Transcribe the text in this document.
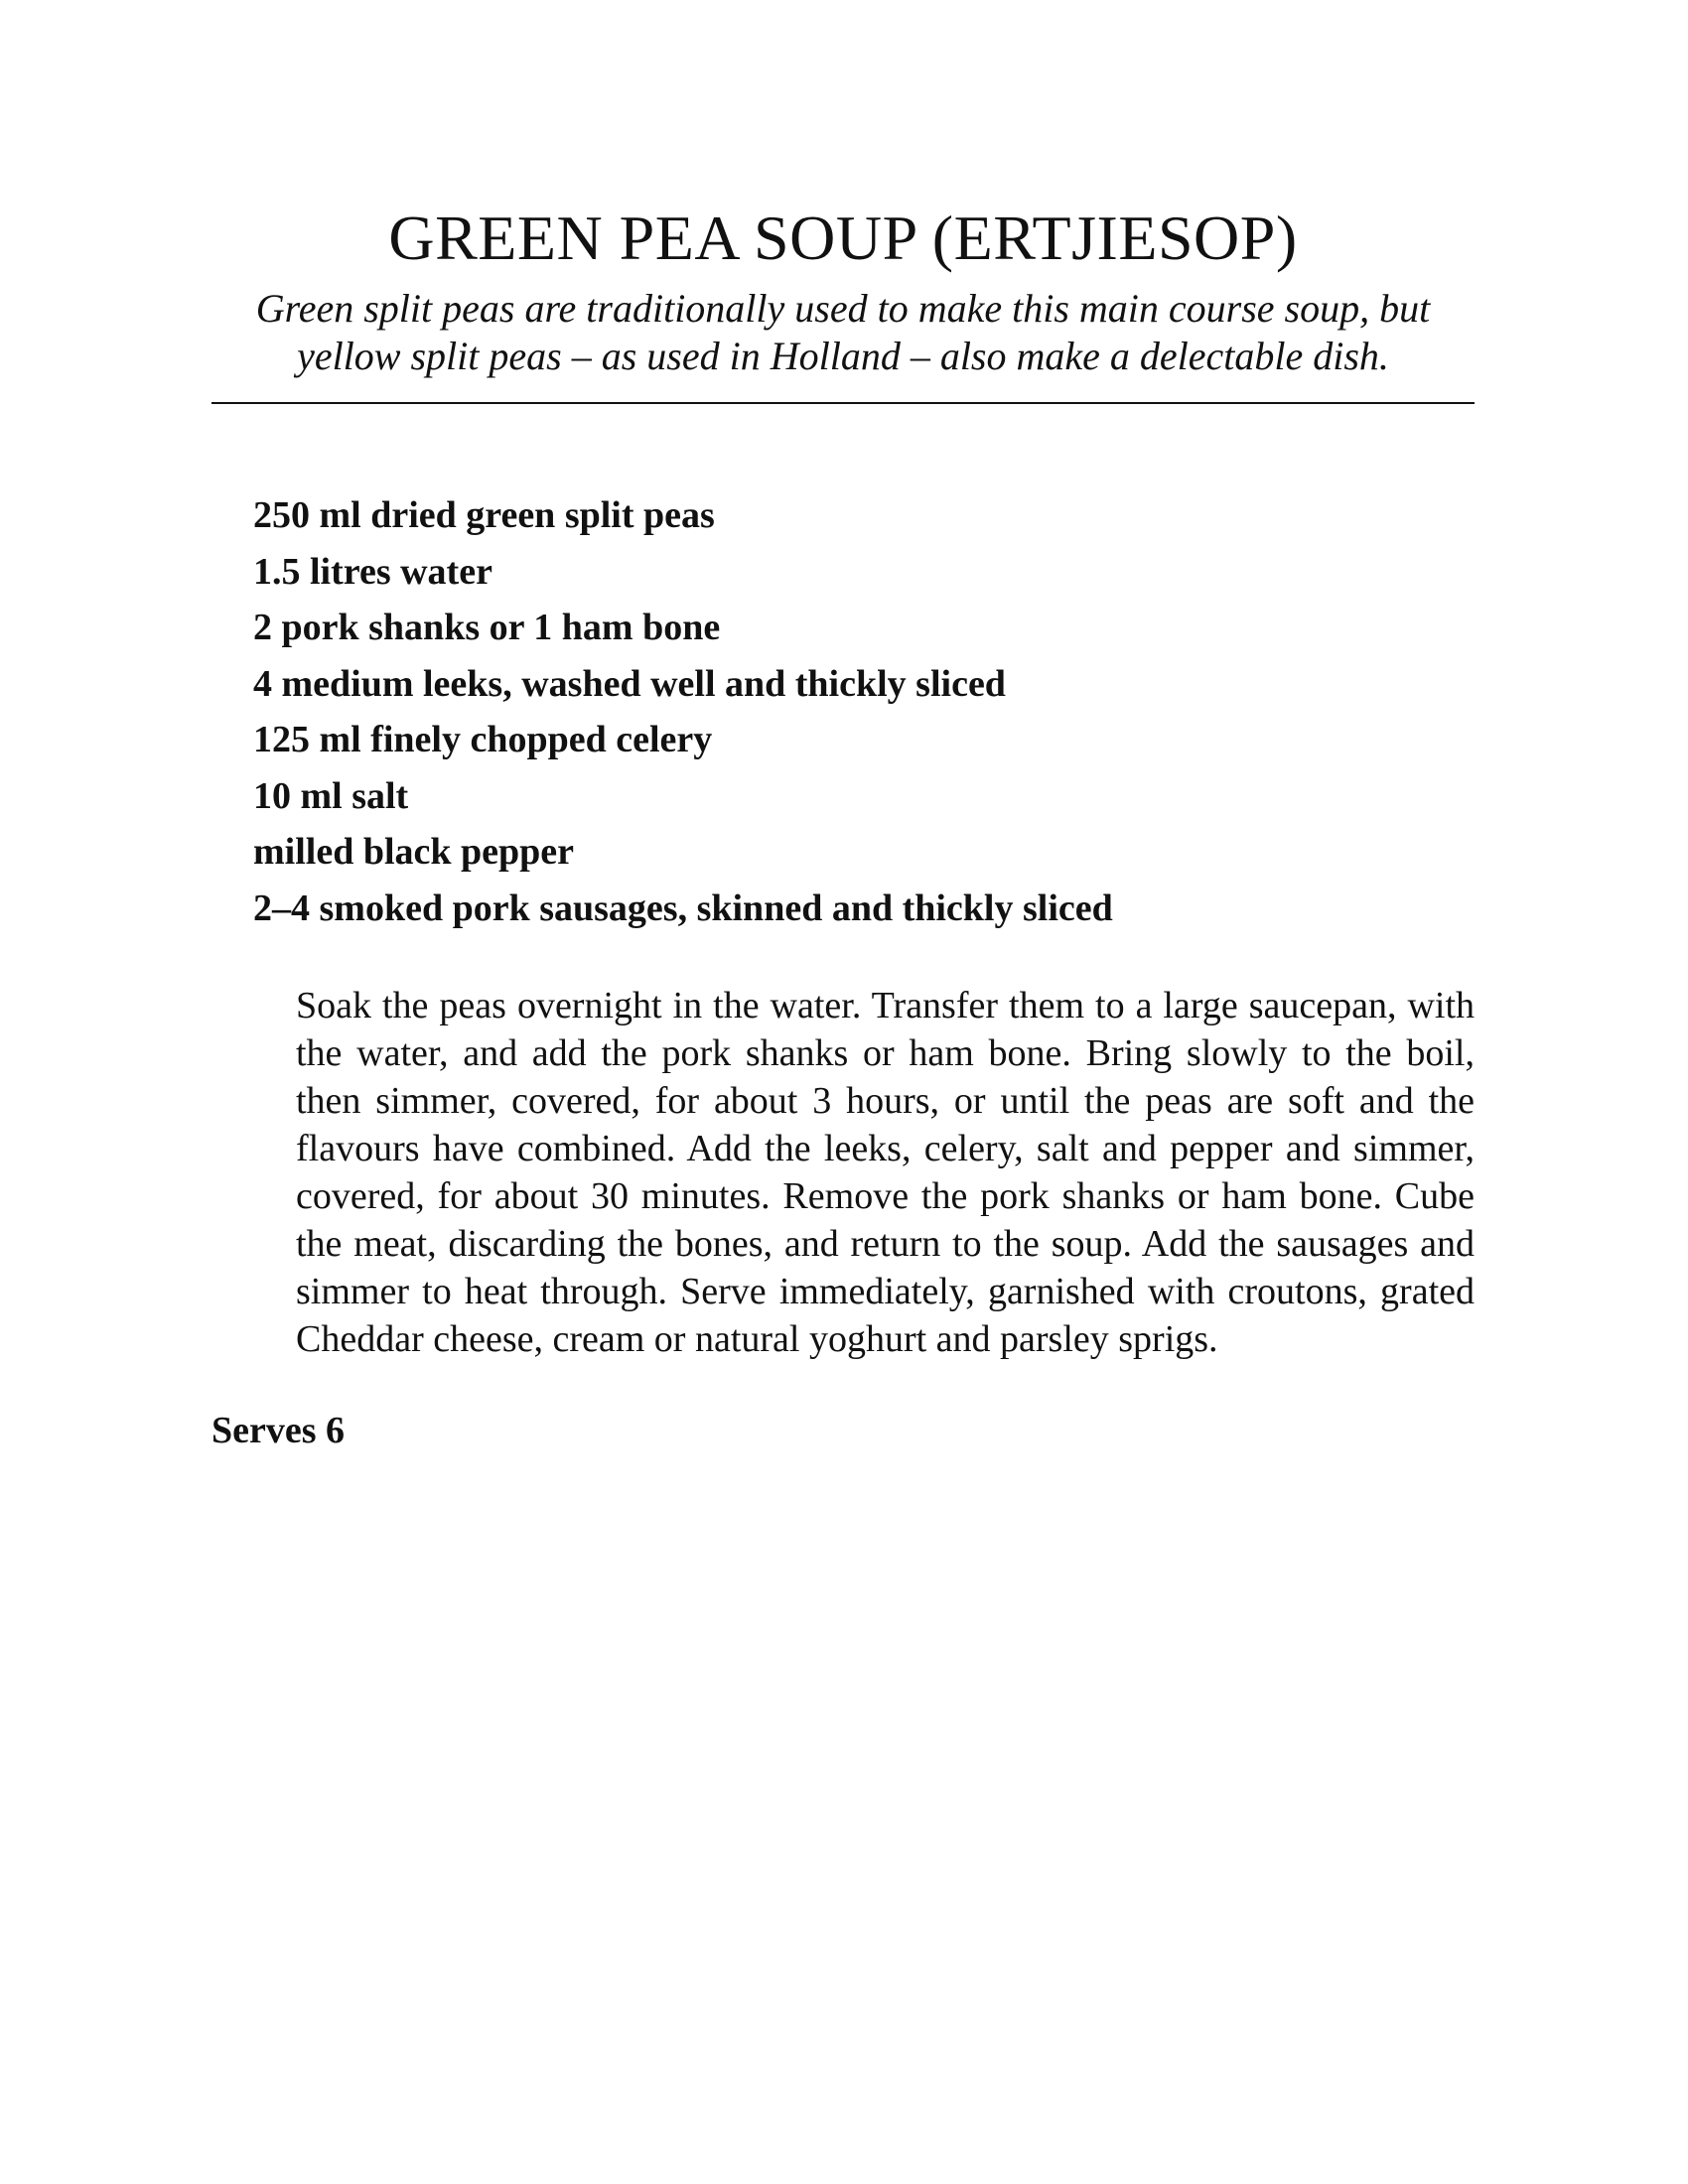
GREEN PEA SOUP (ERTJIESOP)

Green split peas are traditionally used to make this main course soup, but yellow split peas – as used in Holland – also make a delectable dish.

250 ml dried green split peas
1.5 litres water
2 pork shanks or 1 ham bone
4 medium leeks, washed well and thickly sliced
125 ml finely chopped celery
10 ml salt
milled black pepper
2–4 smoked pork sausages, skinned and thickly sliced

Soak the peas overnight in the water. Transfer them to a large saucepan, with the water, and add the pork shanks or ham bone. Bring slowly to the boil, then simmer, covered, for about 3 hours, or until the peas are soft and the flavours have combined. Add the leeks, celery, salt and pepper and simmer, covered, for about 30 minutes. Remove the pork shanks or ham bone. Cube the meat, discarding the bones, and return to the soup. Add the sausages and simmer to heat through. Serve immediately, garnished with croutons, grated Cheddar cheese, cream or natural yoghurt and parsley sprigs.

Serves 6
